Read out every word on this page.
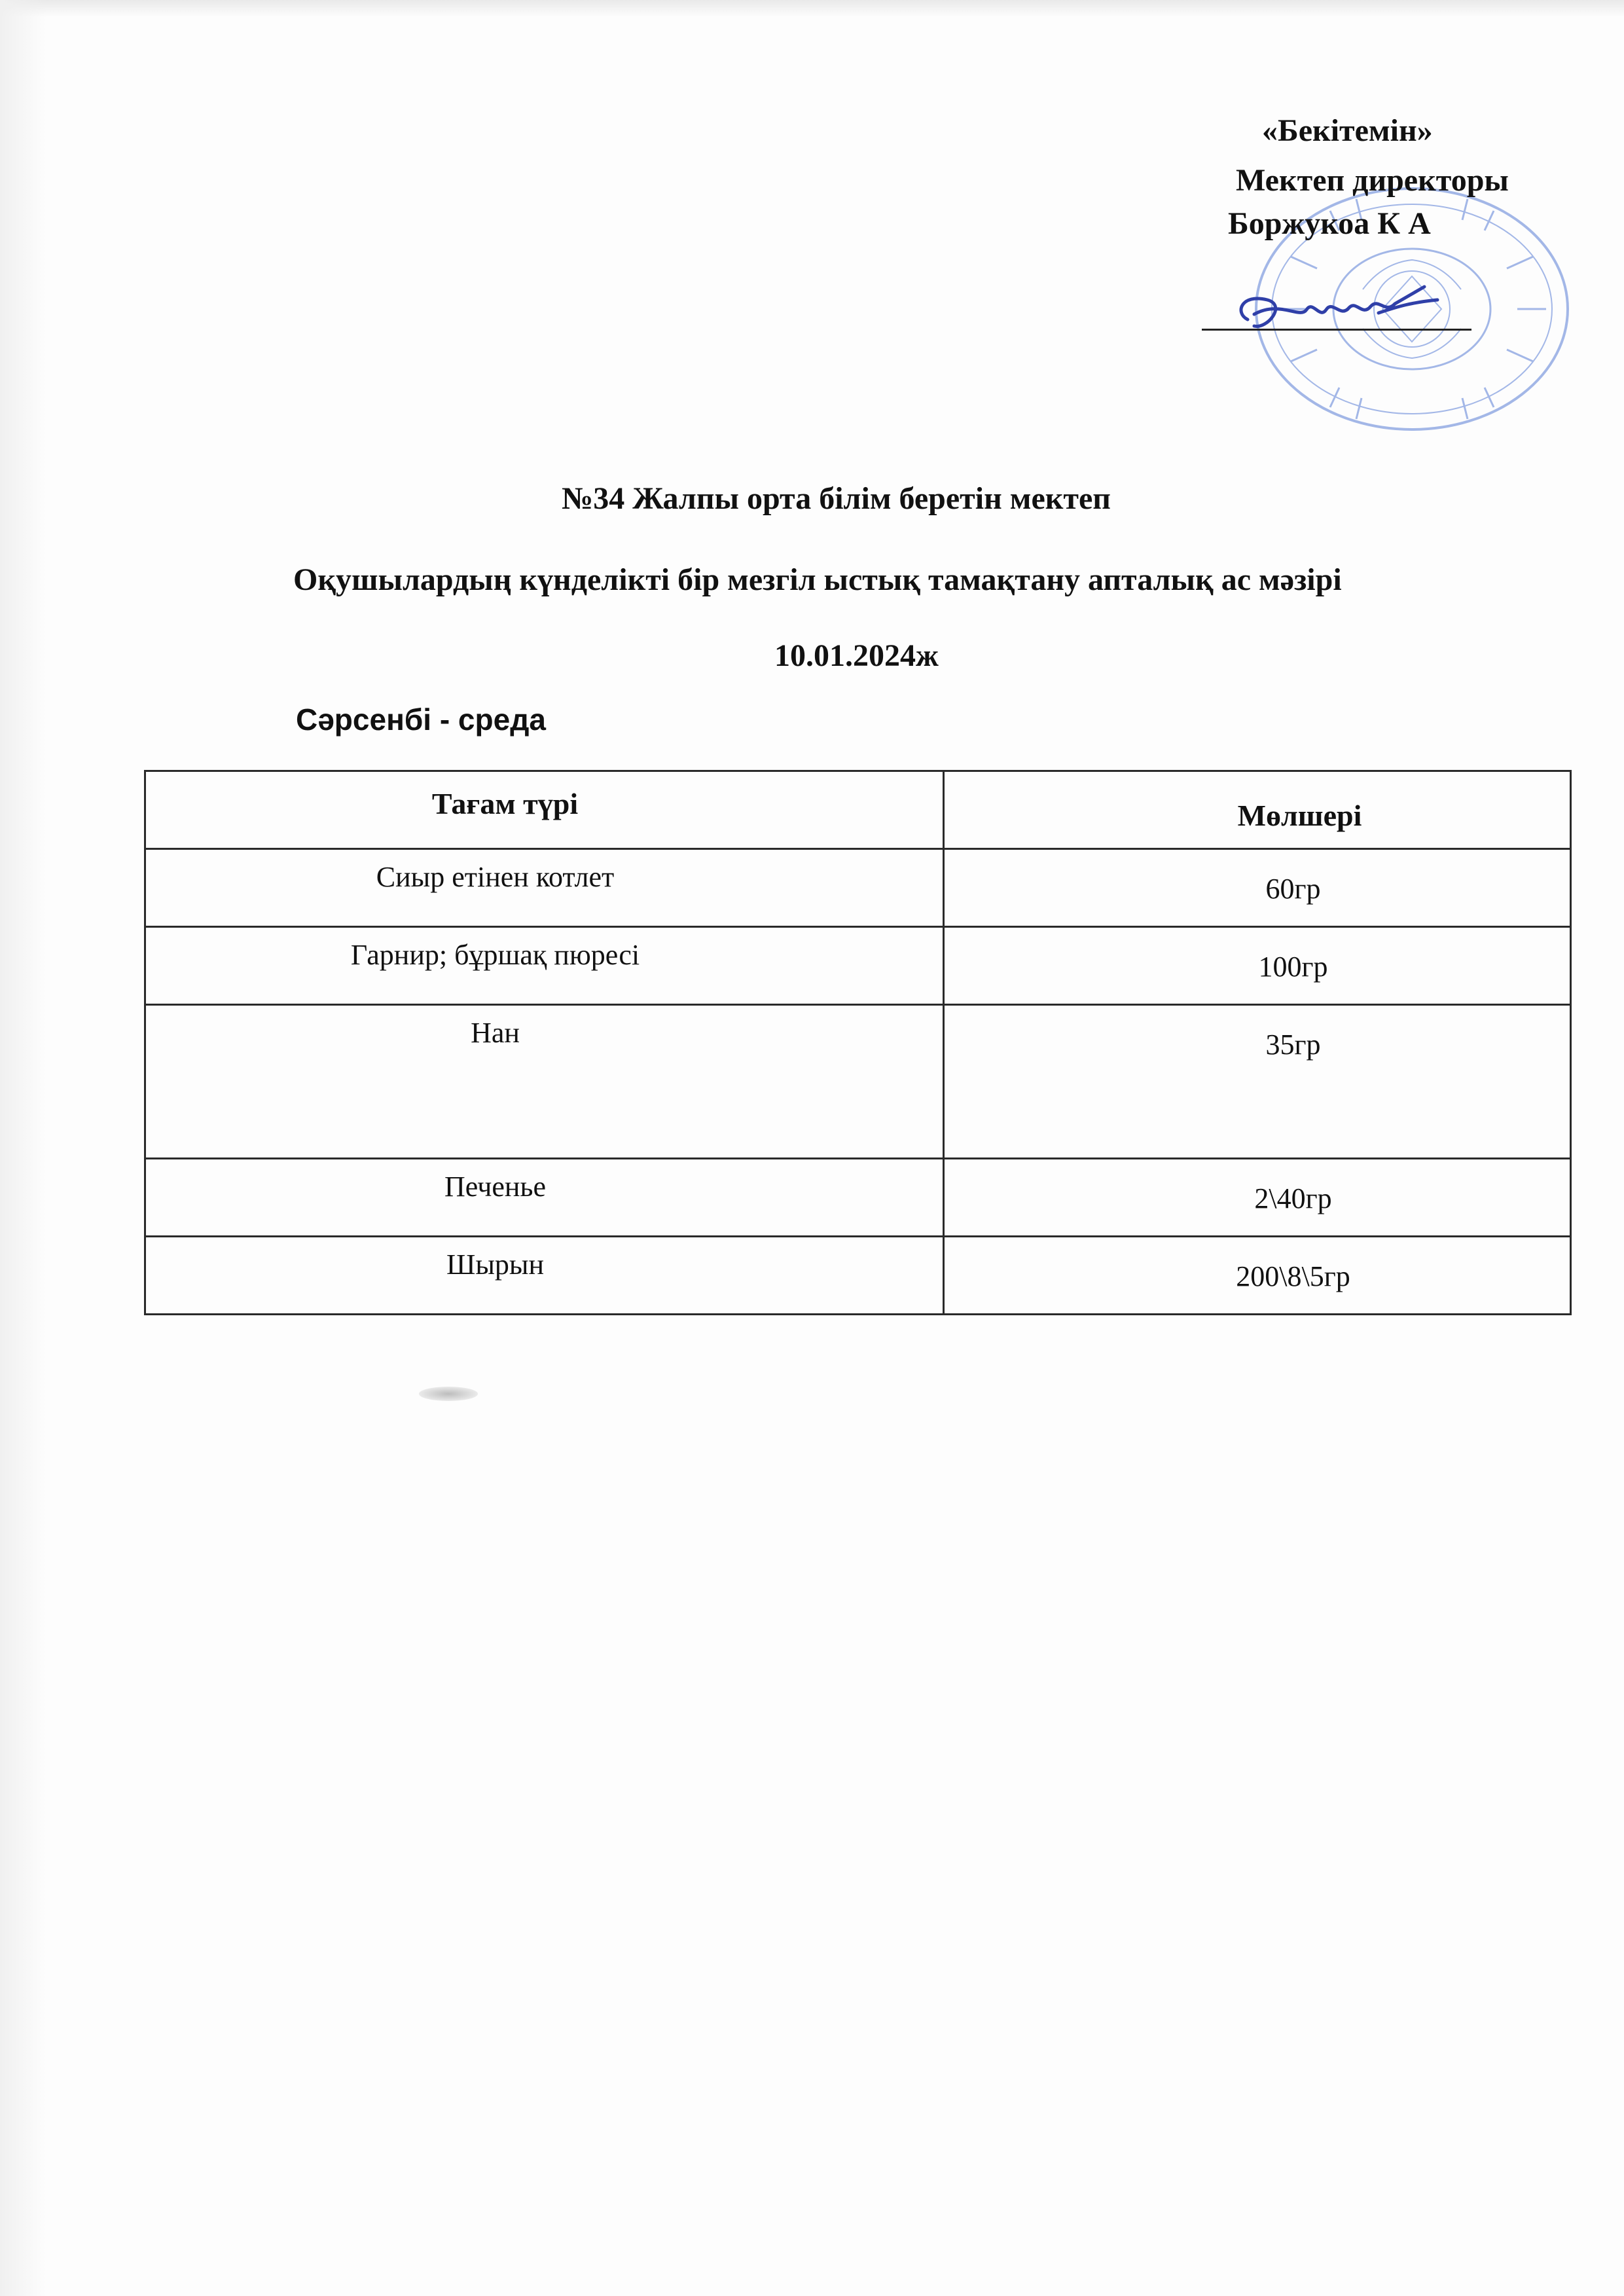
«Бекітемін»
Мектеп директоры
Боржукоа К А
№34 Жалпы орта білім беретін мектеп
Оқушылардың күнделікті бір мезгіл ыстық тамақтану апталық ас мәзірі
10.01.2024ж
Сәрсенбі - среда
Тағам түрі	Мөлшері
Сиыр етінен котлет	60гр
Гарнир; бұршақ пюресі	100гр
Нан	35гр
Печенье	2\40гр
Шырын	200\8\5гр
